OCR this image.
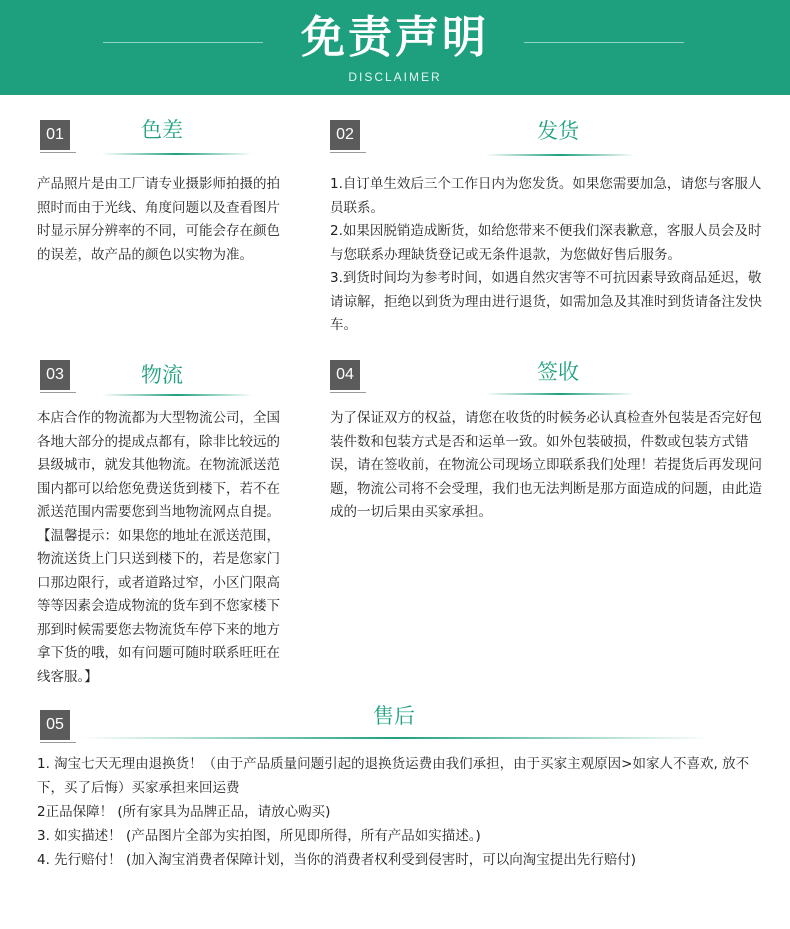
免责声明
DISCLAIMER
01	色差

产品照片是由工厂请专业摄影师拍摄的拍照时而由于光线、角度问题以及查看图片时显示屏分辨率的不同，可能会存在颜色的误差，故产品的颜色以实物为准。

02	发货

1.自订单生效后三个工作日内为您发货。如果您需要加急，请您与客服人员联系。

2.如果因脱销造成断货，如给您带来不便我们深表歉意，客服人员会及时与您联系办理缺货登记或无条件退款，为您做好售后服务。

3.到货时间均为参考时间，如遇自然灾害等不可抗因素导致商品延迟，敬请谅解，拒绝以到货为理由进行退货，如需加急及其准时到货请备注发快车。

03	物流

本店合作的物流都为大型物流公司，全国各地大部分的提成点都有，除非比较远的县级城市，就发其他物流。在物流派送范围内都可以给您免费送货到楼下，若不在派送范围内需要您到当地物流网点自提。

【温馨提示：如果您的地址在派送范围，物流送货上门只送到楼下的，若是您家门口那边限行，或者道路过窄，小区门限高等等因素会造成物流的货车到不您家楼下那到时候需要您去物流货车停下来的地方拿下货的哦，如有问题可随时联系旺旺在线客服。】

04	签收

为了保证双方的权益，请您在收货的时候务必认真检查外包装是否完好包装件数和包装方式是否和运单一致。如外包装破损，件数或包装方式错误，请在签收前，在物流公司现场立即联系我们处理！若提货后再发现问题，物流公司将不会受理，我们也无法判断是那方面造成的问题，由此造成的一切后果由买家承担。

05	售后

1. 淘宝七天无理由退换货！（由于产品质量问题引起的退换货运费由我们承担，由于买家主观原因>如家人不喜欢, 放不下，买了后悔）买家承担来回运费

2正品保障！ (所有家具为品牌正品，请放心购买)

3. 如实描述！ (产品图片全部为实拍图，所见即所得，所有产品如实描述。)

4. 先行赔付！ (加入淘宝消费者保障计划，当你的消费者权利受到侵害时，可以向淘宝提出先行赔付)
